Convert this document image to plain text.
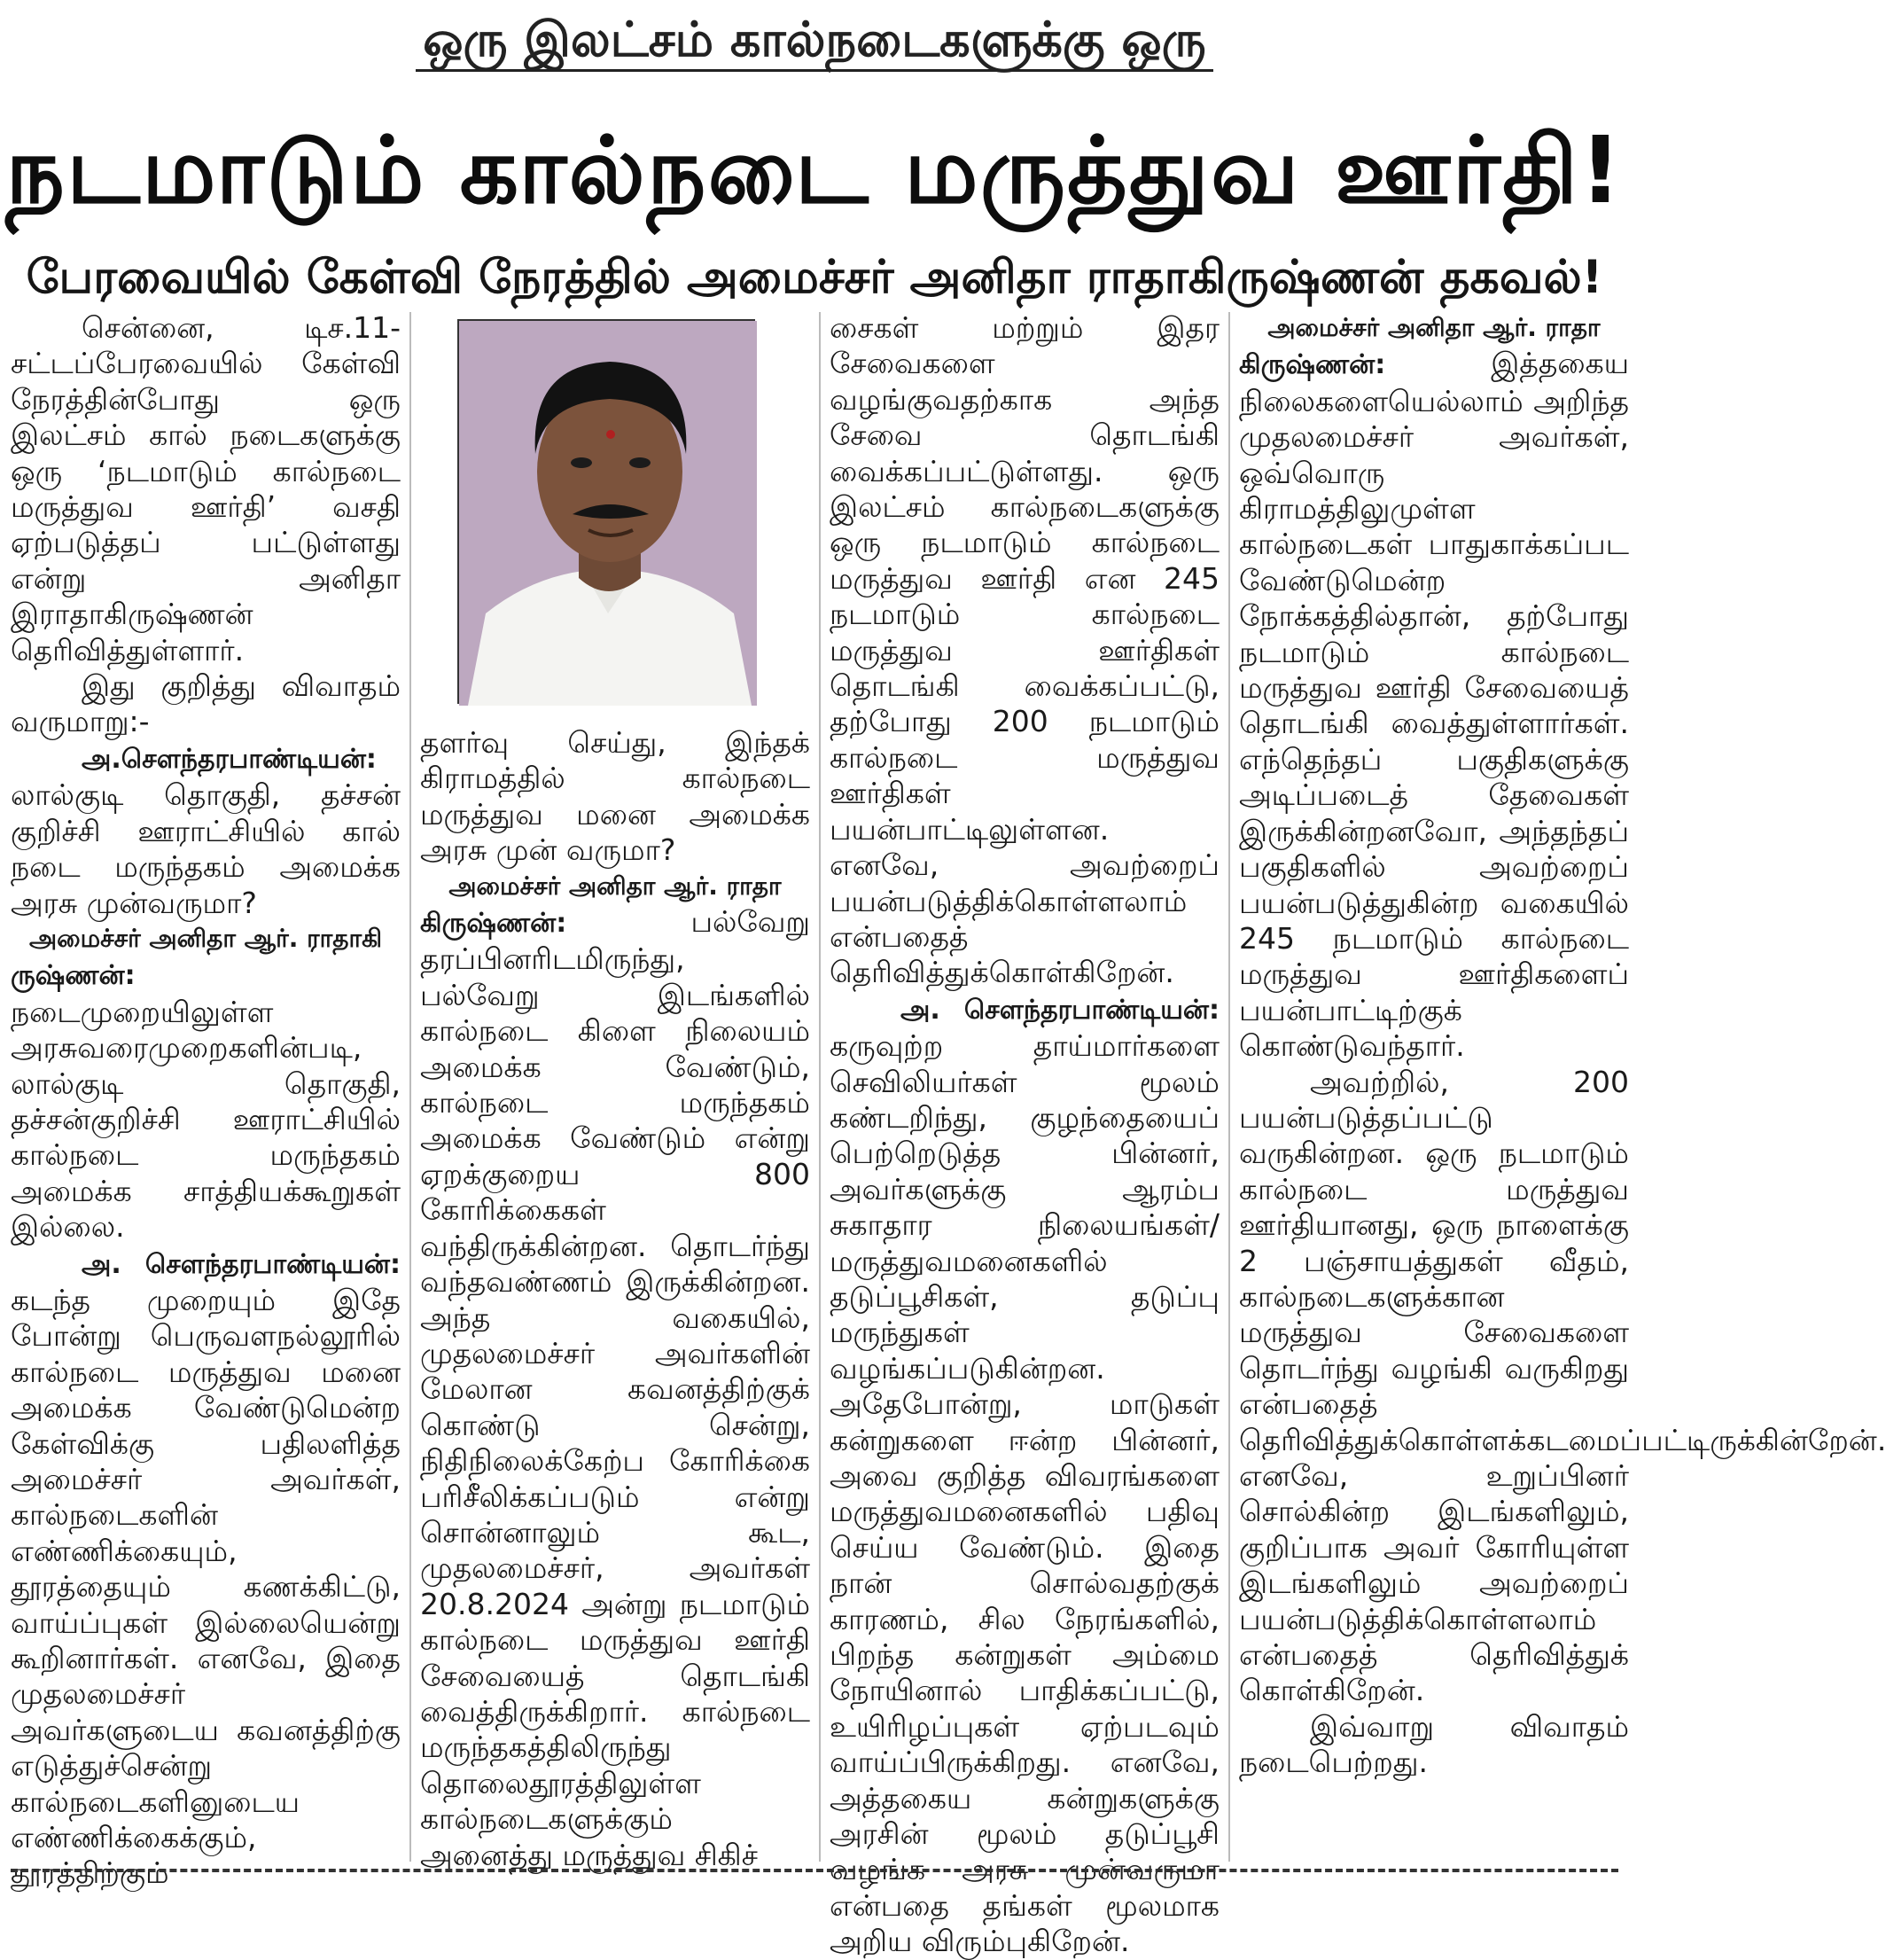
ஒரு இலட்சம் கால்நடைகளுக்கு ஒரு
நடமாடும் கால்நடை மருத்துவ ஊர்தி!
பேரவையில் கேள்வி நேரத்தில் அமைச்சர் அனிதா ராதாகிருஷ்ணன் தகவல்!

சென்னை, டிச.11- சட்டப்பேரவையில் கேள்வி நேரத்தின்போது ஒரு இலட்சம் கால் நடைகளுக்கு ஒரு ‘நடமாடும் கால்நடை மருத்துவ ஊர்தி’ வசதி ஏற்படுத்தப் பட்டுள்ளது என்று அனிதா இராதாகிருஷ்ணன் தெரிவித்துள்ளார்.

இது குறித்து விவாதம் வருமாறு:-

அ.சௌந்தரபாண்டியன்: லால்குடி தொகுதி, தச்சன் குறிச்சி ஊராட்சியில் கால் நடை மருந்தகம் அமைக்க அரசு முன்வருமா?

அமைச்சர் அனிதா ஆர். ராதாகி
ருஷ்ணன்: நடைமுறையிலுள்ள அரசுவரைமுறைகளின்படி, லால்குடி தொகுதி, தச்சன்குறிச்சி ஊராட்சியில் கால்நடை மருந்தகம் அமைக்க சாத்தியக்கூறுகள் இல்லை.

அ. சௌந்தரபாண்டியன்: கடந்த முறையும் இதே போன்று பெருவளநல்லூரில் கால்நடை மருத்துவ மனை அமைக்க வேண்டுமென்ற கேள்விக்கு பதிலளித்த அமைச்சர் அவர்கள், கால்நடைகளின் எண்ணிக்கையும், தூரத்தையும் கணக்கிட்டு, வாய்ப்புகள் இல்லையென்று கூறினார்கள். எனவே, இதை முதலமைச்சர் அவர்களுடைய கவனத்திற்கு எடுத்துச்சென்று கால்நடைகளினுடைய எண்ணிக்கைக்கும், தூரத்திற்கும்

தளர்வு செய்து, இந்தக் கிராமத்தில் கால்நடை மருத்துவ மனை அமைக்க அரசு முன் வருமா?

அமைச்சர் அனிதா ஆர். ராதா
கிருஷ்ணன்:	பல்வேறு தரப்பினரிடமிருந்து, பல்வேறு இடங்களில் கால்நடை கிளை நிலையம் அமைக்க வேண்டும், கால்நடை மருந்தகம் அமைக்க வேண்டும் என்று ஏறக்குறைய 800 கோரிக்கைகள் வந்திருக்கின்றன. தொடர்ந்து வந்தவண்ணம் இருக்கின்றன. அந்த வகையில், முதலமைச்சர் அவர்களின் மேலான கவனத்திற்குக் கொண்டு சென்று, நிதிநிலைக்கேற்ப கோரிக்கை பரிசீலிக்கப்படும் என்று சொன்னாலும் கூட, முதலமைச்சர், அவர்கள் 20.8.2024 அன்று நடமாடும் கால்நடை மருத்துவ ஊர்தி சேவையைத் தொடங்கி வைத்திருக்கிறார். கால்நடை மருந்தகத்திலிருந்து தொலைதூரத்திலுள்ள கால்நடைகளுக்கும் அனைத்து மருத்துவ சிகிச்

சைகள் மற்றும் இதர சேவைகளை வழங்குவதற்காக அந்த சேவை தொடங்கி வைக்கப்பட்டுள்ளது. ஒரு இலட்சம் கால்நடைகளுக்கு ஒரு நடமாடும் கால்நடை மருத்துவ ஊர்தி என 245 நடமாடும் கால்நடை மருத்துவ ஊர்திகள் தொடங்கி வைக்கப்பட்டு, தற்போது 200 நடமாடும் கால்நடை மருத்துவ ஊர்திகள் பயன்பாட்டிலுள்ளன. எனவே, அவற்றைப் பயன்படுத்திக்கொள்ளலாம் என்பதைத் தெரிவித்துக்கொள்கிறேன்.

அ. சௌந்தரபாண்டியன்: கருவுற்ற தாய்மார்களை செவிலியர்கள் மூலம் கண்டறிந்து, குழந்தையைப் பெற்றெடுத்த பின்னர், அவர்களுக்கு ஆரம்ப சுகாதார நிலையங்கள்/மருத்துவமனைகளில் தடுப்பூசிகள், தடுப்பு மருந்துகள் வழங்கப்படுகின்றன. அதேபோன்று, மாடுகள் கன்றுகளை ஈன்ற பின்னர், அவை குறித்த விவரங்களை மருத்துவமனைகளில் பதிவு செய்ய வேண்டும். இதை நான் சொல்வதற்குக் காரணம், சில நேரங்களில், பிறந்த கன்றுகள் அம்மை நோயினால் பாதிக்கப்பட்டு, உயிரிழப்புகள் ஏற்படவும் வாய்ப்பிருக்கிறது. எனவே, அத்தகைய கன்றுகளுக்கு அரசின் மூலம் தடுப்பூசி வழங்க அரசு முன்வருமா என்பதை தங்கள் மூலமாக அறிய விரும்புகிறேன்.

அமைச்சர் அனிதா ஆர். ராதா
கிருஷ்ணன்:	இத்தகைய நிலைகளையெல்லாம் அறிந்த முதலமைச்சர் அவர்கள், ஒவ்வொரு கிராமத்திலுமுள்ள கால்நடைகள் பாதுகாக்கப்பட வேண்டுமென்ற நோக்கத்தில்தான், தற்போது நடமாடும் கால்நடை மருத்துவ ஊர்தி சேவையைத் தொடங்கி வைத்துள்ளார்கள். எந்தெந்தப் பகுதிகளுக்கு அடிப்படைத் தேவைகள் இருக்கின்றனவோ, அந்தந்தப் பகுதிகளில் அவற்றைப் பயன்படுத்துகின்ற வகையில் 245 நடமாடும் கால்நடை மருத்துவ ஊர்திகளைப் பயன்பாட்டிற்குக் கொண்டுவந்தார்.

அவற்றில், 200 பயன்படுத்தப்பட்டு வருகின்றன. ஒரு நடமாடும் கால்நடை மருத்துவ ஊர்தியானது, ஒரு நாளைக்கு 2 பஞ்சாயத்துகள் வீதம், கால்நடைகளுக்கான மருத்துவ சேவைகளை தொடர்ந்து வழங்கி வருகிறது என்பதைத் தெரிவித்துக்கொள்ளக்கடமைப்பட்டிருக்கின்றேன். எனவே, உறுப்பினர் சொல்கின்ற இடங்களிலும், குறிப்பாக அவர் கோரியுள்ள இடங்களிலும் அவற்றைப் பயன்படுத்திக்கொள்ளலாம் என்பதைத் தெரிவித்துக் கொள்கிறேன்.

இவ்வாறு விவாதம் நடைபெற்றது.
